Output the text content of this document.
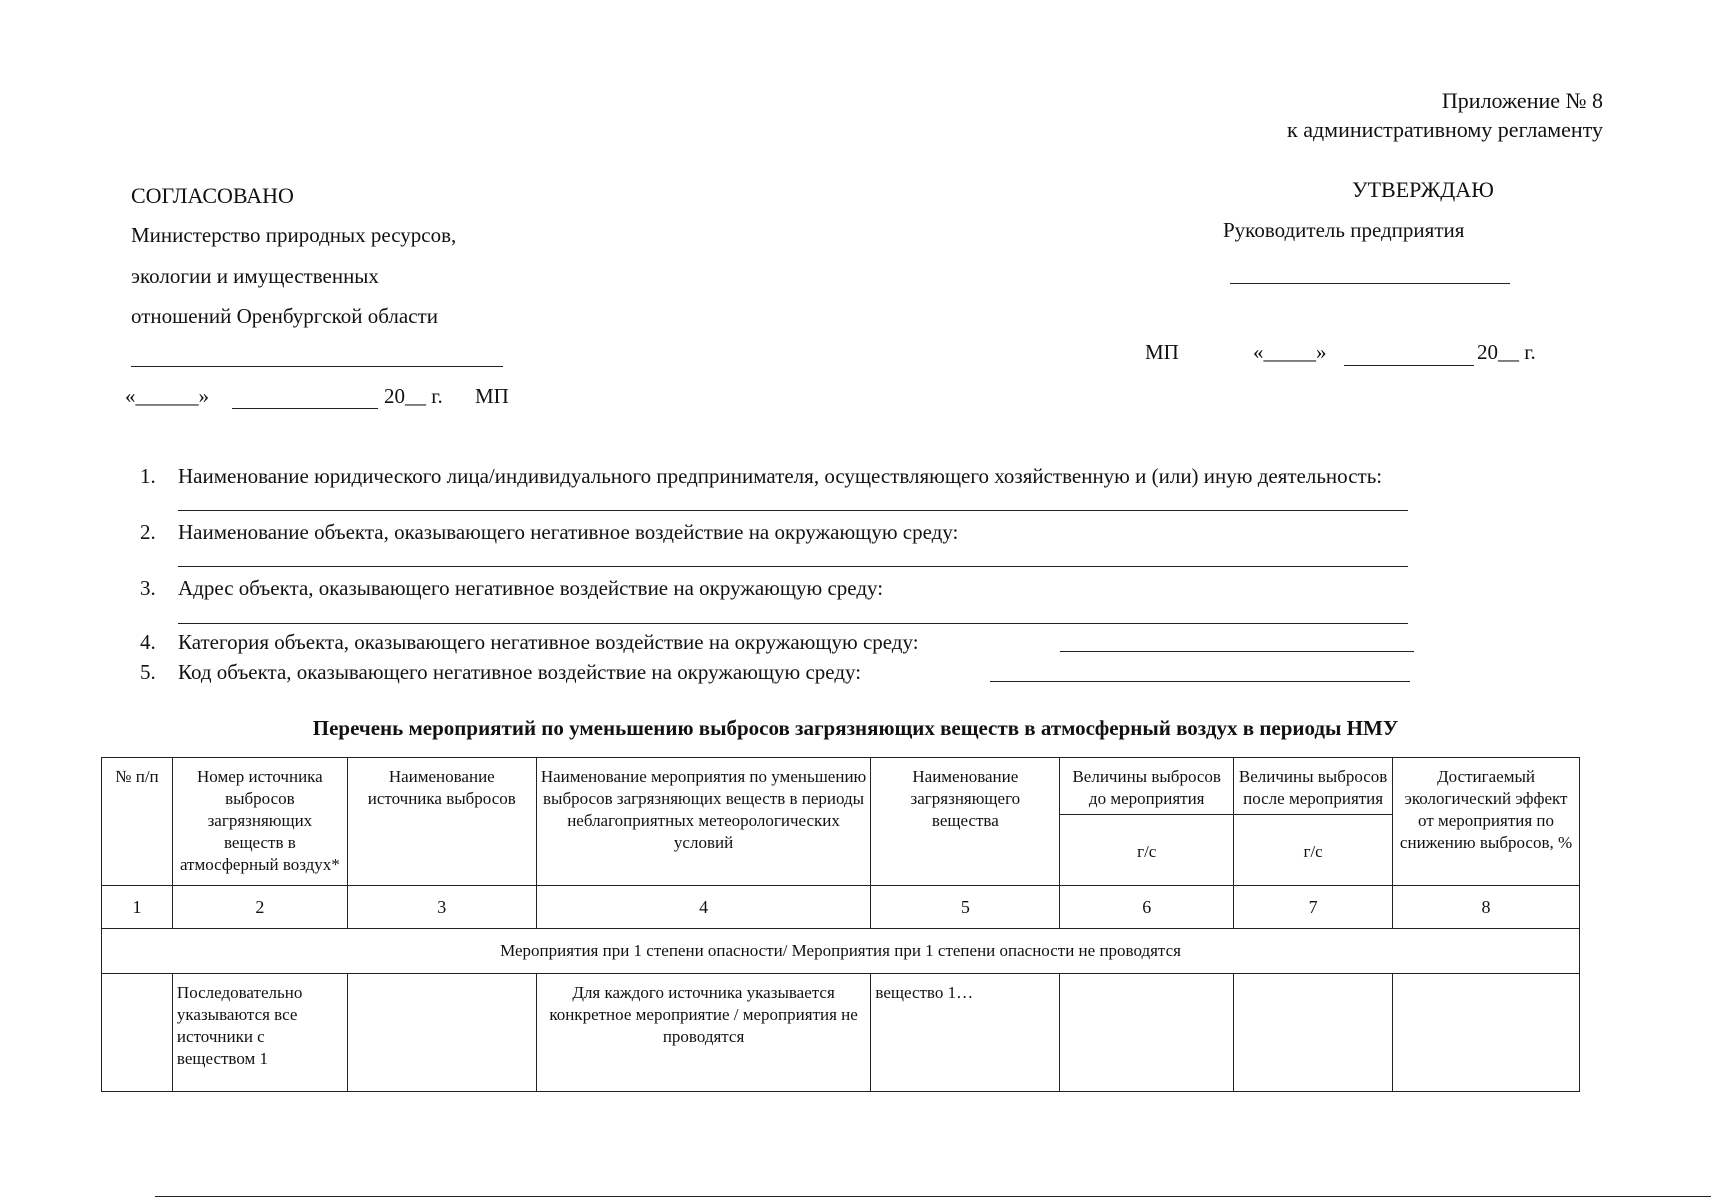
Приложение № 8
к административному регламенту
СОГЛАСОВАНО
Министерство природных ресурсов,
экологии и имущественных
отношений Оренбургской области
«______»	20__ г. МП
УТВЕРЖДАЮ
Руководитель предприятия
МП	«_____»	20__ г.
1. Наименование юридического лица/индивидуального предпринимателя, осуществляющего хозяйственную и (или) иную деятельность:
2. Наименование объекта, оказывающего негативное воздействие на окружающую среду:
3. Адрес объекта, оказывающего негативное воздействие на окружающую среду:
4. Категория объекта, оказывающего негативное воздействие на окружающую среду:
5. Код объекта, оказывающего негативное воздействие на окружающую среду:
Перечень мероприятий по уменьшению выбросов загрязняющих веществ в атмосферный воздух в периоды НМУ
№ п/п	Номер источника выбросов загрязняющих веществ в атмосферный воздух*	Наименование источника выбросов	Наименование мероприятия по уменьшению выбросов загрязняющих веществ в периоды неблагоприятных метеорологических условий	Наименование загрязняющего вещества	Величины выбросов до мероприятия	Величины выбросов после мероприятия	Достигаемый экологический эффект от мероприятия по снижению выбросов, %
					г/с	г/с	
1	2	3	4	5	6	7	8
Мероприятия при 1 степени опасности/ Мероприятия при 1 степени опасности не проводятся							
	Последовательно указываются все источники с веществом 1		Для каждого источника указывается конкретное мероприятие / мероприятия не проводятся	вещество 1…			
